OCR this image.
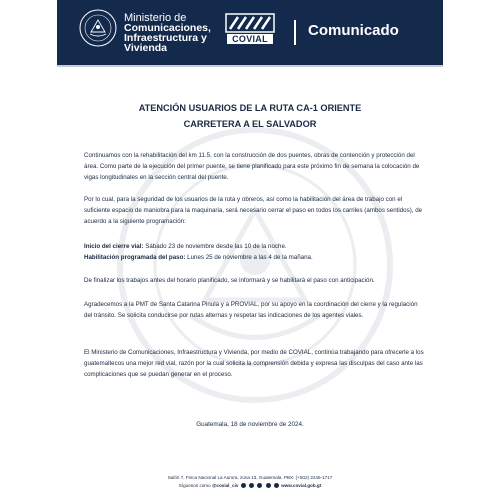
Ministerio de
Comunicaciones,
Infraestructura y
Vivienda
COVIAL	Comunicado
ATENCIÓN USUARIOS DE LA RUTA CA-1 ORIENTE
CARRETERA A EL SALVADOR
Continuamos con la rehabilitación del km 11.5, con la construcción de dos puentes, obras de contención y protección del área. Como parte de la ejecución del primer puente, se tiene planificado para este próximo fin de semana la colocación de vigas longitudinales en la sección central del puente.
Por lo cual, para la seguridad de los usuarios de la ruta y obreros, así como la habilitación del área de trabajo con el suficiente espacio de maniobra para la maquinaria, será necesario cerrar el paso en todos los carriles (ambos sentidos), de acuerdo a la siguiente programación:
Inicio del cierre vial: Sábado 23 de noviembre desde las 10 de la noche.
Habilitación programada del paso: Lunes 25 de noviembre a las 4 de la mañana.
De finalizar los trabajos antes del horario planificado, se informará y se habilitará el paso con anticipación.
Agradecemos a la PMT de Santa Catarina Pinula y a PROVIAL, por su apoyo en la coordinación del cierre y la regulación del tránsito. Se solicita conducirse por rutas alternas y respetar las indicaciones de los agentes viales.
El Ministerio de Comunicaciones, Infraestructura y Vivienda, por medio de COVIAL, continúa trabajando para ofrecerle a los guatemaltecos una mejor red vial, razón por la cual solicita la comprensión debida y expresa las disculpas del caso ante las complicaciones que se puedan generar en el proceso.
Guatemala, 18 de noviembre de 2024.
Salón 7, Finca Nacional La Aurora, zona 13, Guatemala. PBX: (+502) 2245-1717
Síguenos como @covial_civ	www.covial.gob.gt
